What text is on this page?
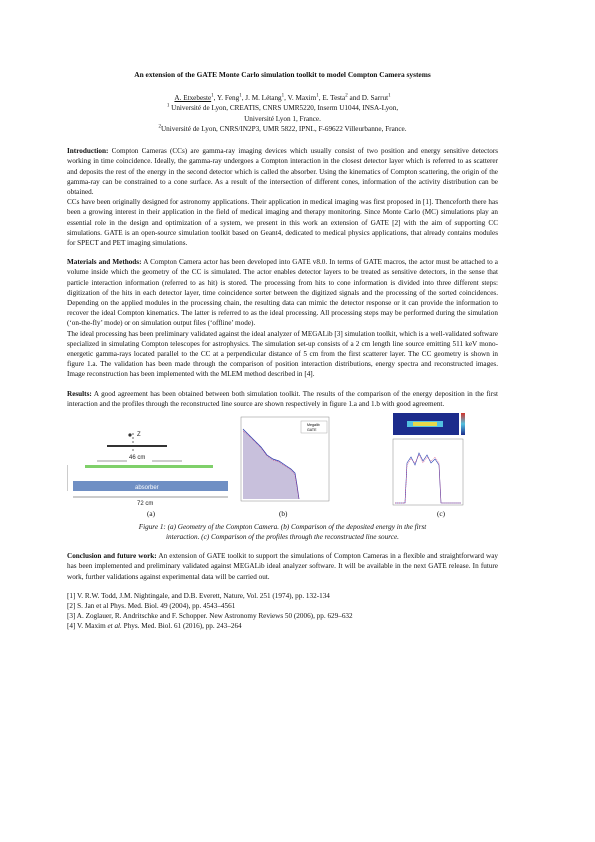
An extension of the GATE Monte Carlo simulation toolkit to model Compton Camera systems
A. Etxebeste$^1$, Y. Feng$^1$, J. M. Létang$^1$, V. Maxim$^1$, E. Testa$^2$ and D. Sarrut$^1$
$^1$ Université de Lyon, CREATIS, CNRS UMR5220, Inserm U1044, INSA-Lyon,
Université Lyon 1, France.
$^2$Université de Lyon, CNRS/IN2P3, UMR 5822, IPNL, F-69622 Villeurbanne, France.

Introduction: Compton Cameras (CCs) are gamma-ray imaging devices which usually consist of two position and energy sensitive detectors working in time coincidence. Ideally, the gamma-ray undergoes a Compton interaction in the closest detector layer which is referred to as scatterer and deposits the rest of the energy in the second detector which is called the absorber. Using the kinematics of Compton scattering, the origin of the gamma-ray can be constrained to a cone surface. As a result of the intersection of different cones, information of the activity distribution can be obtained.

CCs have been originally designed for astronomy applications. Their application in medical imaging was first proposed in [1]. Thenceforth there has been a growing interest in their application in the field of medical imaging and therapy monitoring. Since Monte Carlo (MC) simulations play an essential role in the design and optimization of a system, we present in this work an extension of GATE [2] with the aim of supporting CC simulations. GATE is an open-source simulation toolkit based on Geant4, dedicated to medical physics applications, that already contains modules for SPECT and PET imaging simulations.

Materials and Methods: A Compton Camera actor has been developed into GATE v8.0. In terms of GATE macros, the actor must be attached to a volume inside which the geometry of the CC is simulated. The actor enables detector layers to be treated as sensitive detectors, in the sense that particle interaction information (referred to as hit) is stored. The processing from hits to cone information is divided into three different steps: digitization of the hits in each detector layer, time coincidence sorter between the digitized signals and the processing of the sorted coincidences. Depending on the applied modules in the processing chain, the resulting data can mimic the detector response or it can provide the information to recover the ideal Compton kinematics. The latter is referred to as the ideal processing. All processing steps may be performed during the simulation (‘on-the-fly’ mode) or on simulation output files (‘offline’ mode).

The ideal processing has been preliminary validated against the ideal analyzer of MEGALib [3] simulation toolkit, which is a well-validated software specialized in simulating Compton telescopes for astrophysics. The simulation set-up consists of a 2 cm length line source emitting 511 keV mono-energetic gamma-rays located parallel to the CC at a perpendicular distance of 5 cm from the first scatterer layer. The CC geometry is shown in figure 1.a. The validation has been made through the comparison of position interaction distributions, energy spectra and reconstructed images. Image reconstruction has been implemented with the MLEM method described in [4].

Results: A good agreement has been obtained between both simulation toolkit. The results of the comparison of the energy deposition in the first interaction and the profiles through the reconstructed line source are shown respectively in figure 1.a and 1.b with good agreement.

Z
46 cm
absorber
72 cm
Megalib
GATE
(a)	(b)	(c)
Figure 1: (a) Geometry of the Compton Camera. (b) Comparison of the deposited energy in the first
interaction. (c) Comparison of the profiles through the reconstructed line source.

Conclusion and future work: An extension of GATE toolkit to support the simulations of Compton Cameras in a flexible and straightforward way has been implemented and preliminary validated against MEGALib ideal analyzer software. It will be available in the next GATE release. In future work, further validations against experimental data will be carried out.

[1] V. R.W. Todd, J.M. Nightingale, and D.B. Everett, Nature, Vol. 251 (1974), pp. 132-134
[2] S. Jan et al Phys. Med. Biol. 49 (2004), pp. 4543–4561
[3] A. Zoglauer, R. Andritschke and F. Schopper. New Astronomy Reviews 50 (2006), pp. 629–632
[4] V. Maxim et al. Phys. Med. Biol. 61 (2016), pp. 243–264
